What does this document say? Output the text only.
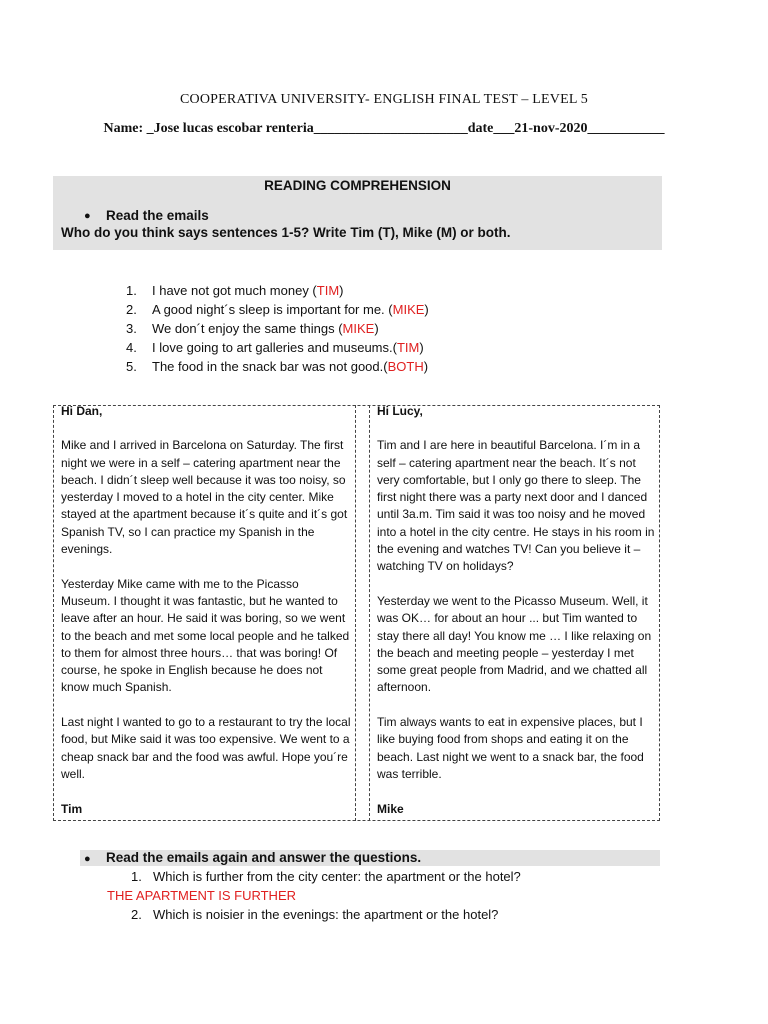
COOPERATIVA UNIVERSITY- ENGLISH FINAL TEST – LEVEL 5
Name: _Jose lucas escobar renteria______________________date___21-nov-2020___________
READING COMPREHENSION
● Read the emails
Who do you think says sentences 1-5? Write Tim (T), Mike (M) or both.
1.	I have not got much money (TIM)
2.	A good night´s sleep is important for me. (MIKE)
3.	We don´t enjoy the same things (MIKE)
4.	I love going to art galleries and museums.(TIM)
5.	The food in the snack bar was not good.(BOTH)

Hi Dan,

Mike and I arrived in Barcelona on Saturday. The first night we were in a self – catering apartment near the beach. I didn´t sleep well because it was too noisy, so yesterday I moved to a hotel in the city center. Mike stayed at the apartment because it´s quite and it´s got Spanish TV, so I can practice my Spanish in the evenings.

Yesterday Mike came with me to the Picasso Museum. I thought it was fantastic, but he wanted to leave after an hour. He said it was boring, so we went to the beach and met some local people and he talked to them for almost three hours… that was boring! Of course, he spoke in English because he does not know much Spanish.

Last night I wanted to go to a restaurant to try the local food, but Mike said it was too expensive. We went to a cheap snack bar and the food was awful. Hope you´re well.

Tim

Hi Lucy,

Tim and I are here in beautiful Barcelona. I´m in a self – catering apartment near the beach. It´s not very comfortable, but I only go there to sleep. The first night there was a party next door and I danced until 3a.m. Tim said it was too noisy and he moved into a hotel in the city centre. He stays in his room in the evening and watches TV! Can you believe it – watching TV on holidays?

Yesterday we went to the Picasso Museum. Well, it was OK… for about an hour ... but Tim wanted to stay there all day! You know me … I like relaxing on the beach and meeting people – yesterday I met some great people from Madrid, and we chatted all afternoon.

Tim always wants to eat in expensive places, but I like buying food from shops and eating it on the beach. Last night we went to a snack bar, the food was terrible.

Mike

● Read the emails again and answer the questions.
1. Which is further from the city center: the apartment or the hotel?
THE APARTMENT IS FURTHER
2. Which is noisier in the evenings: the apartment or the hotel?
